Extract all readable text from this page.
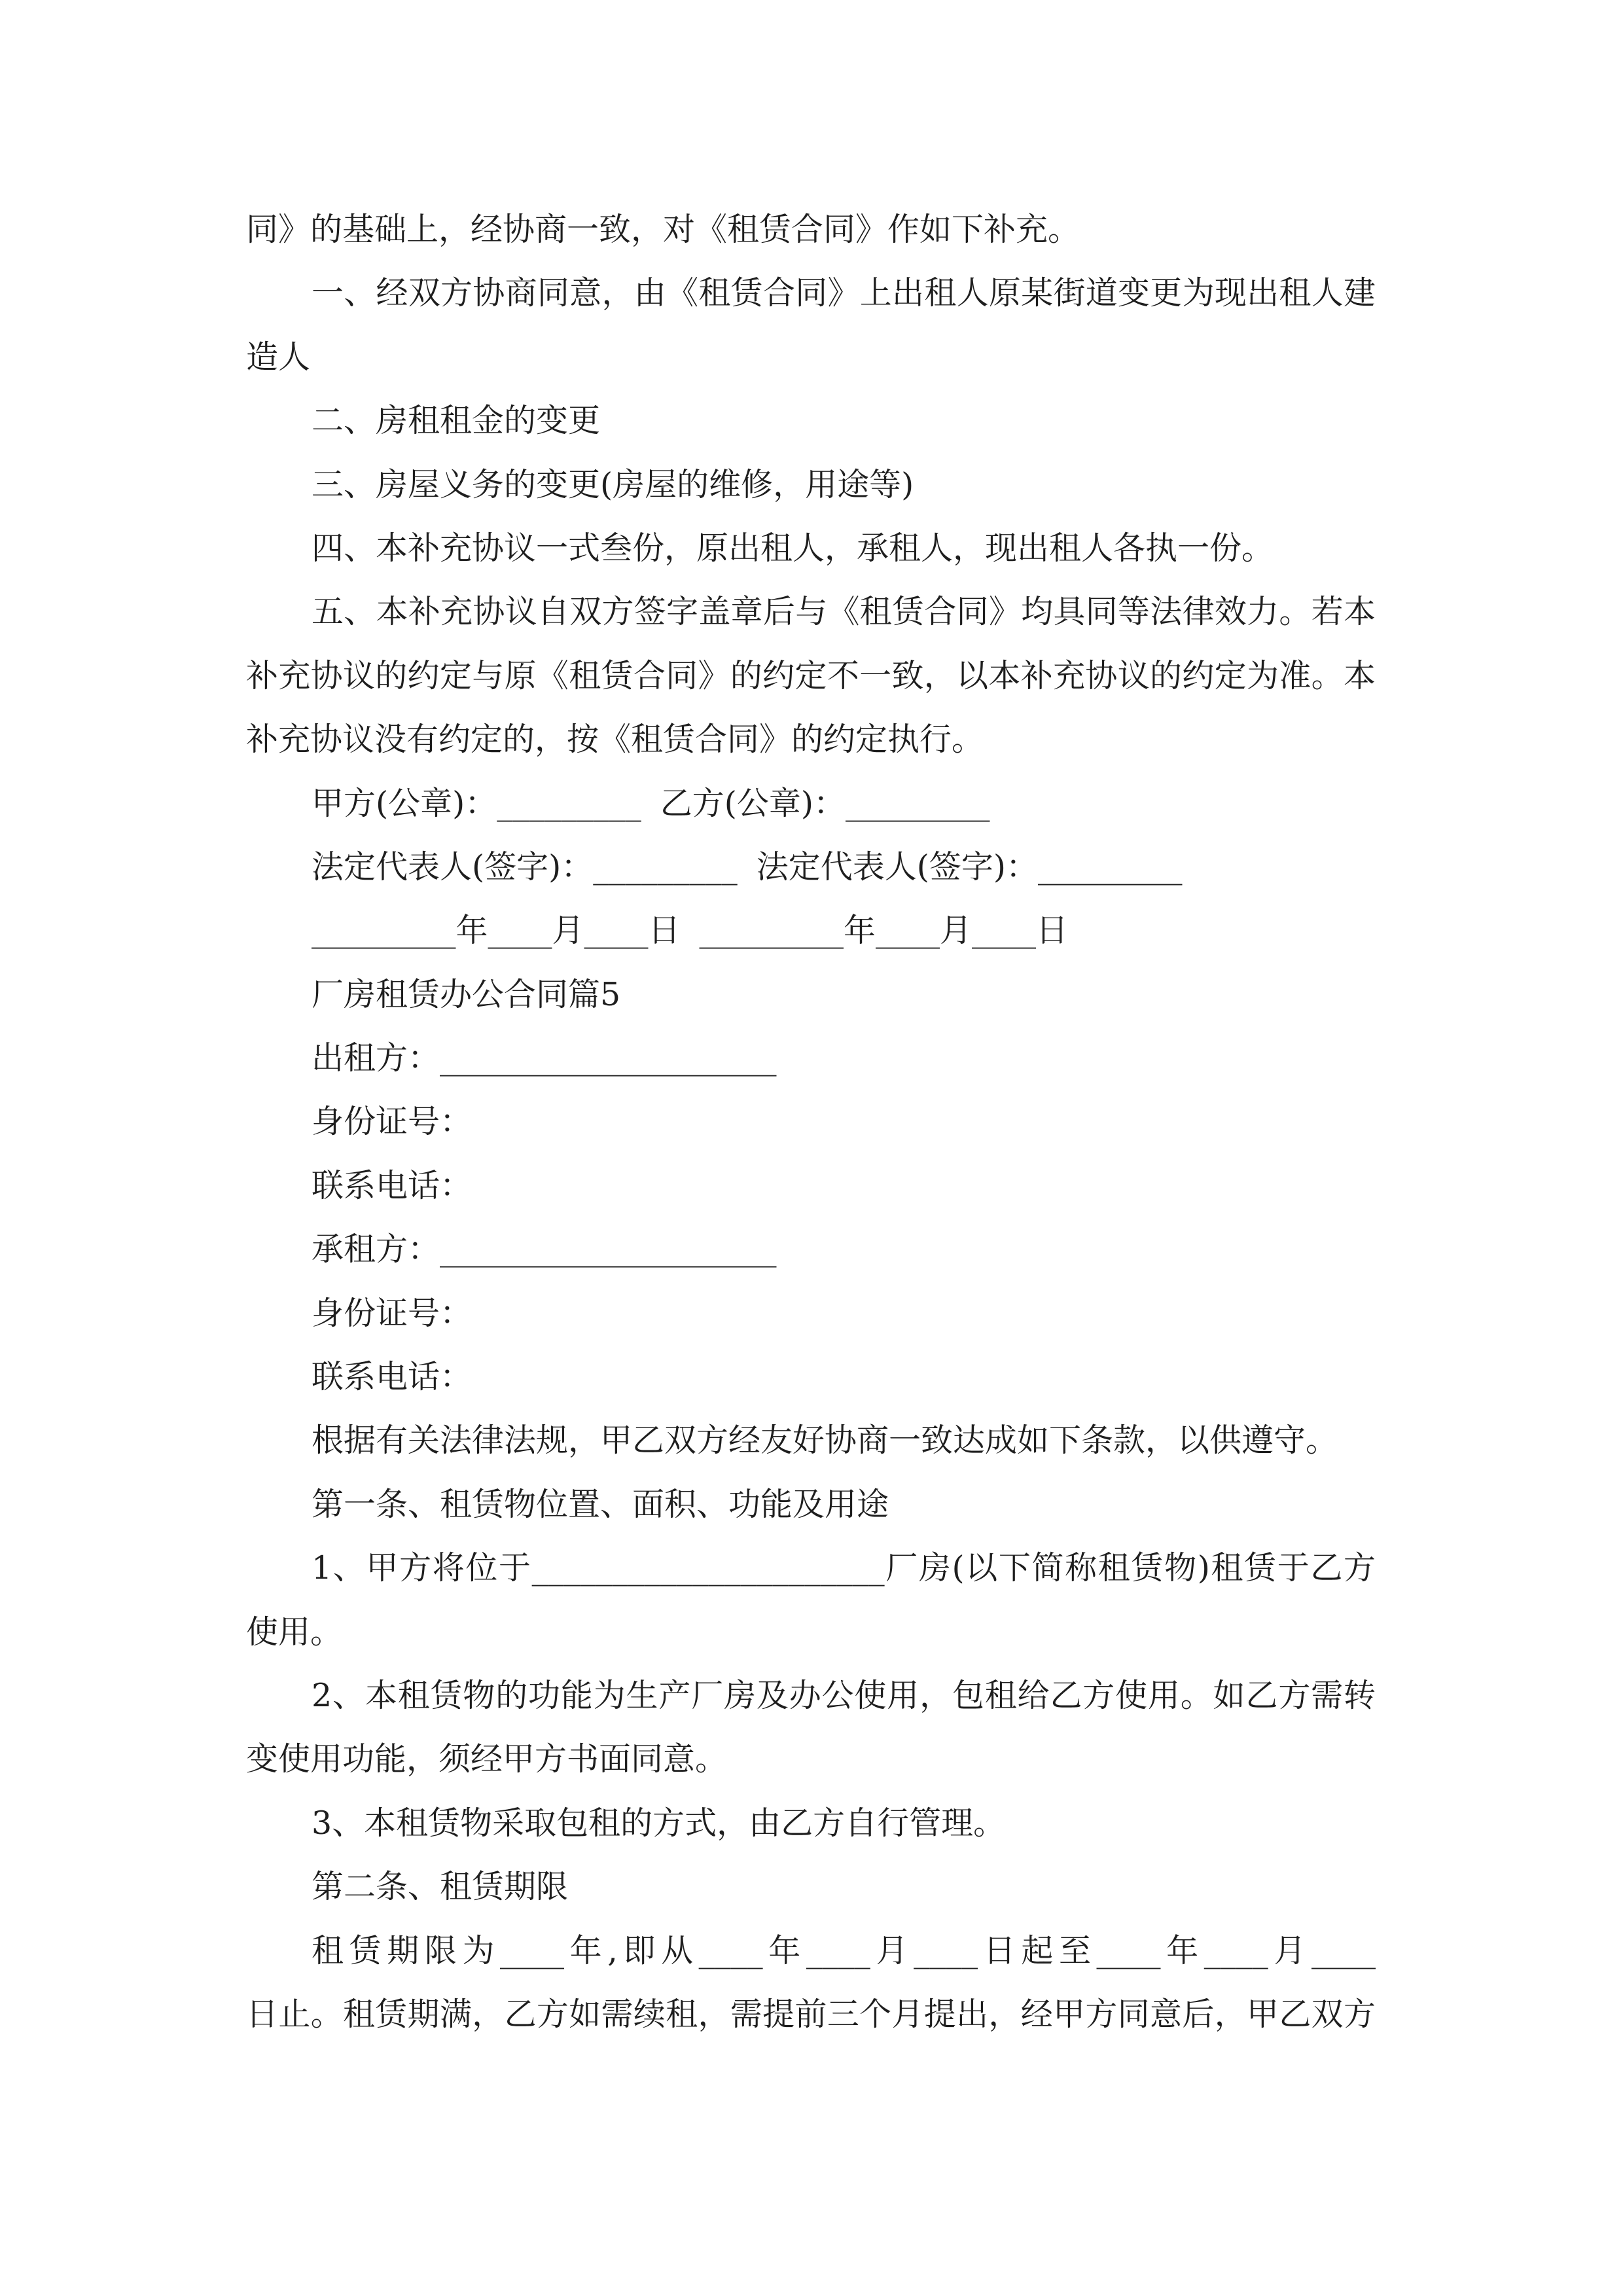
同》的基础上，经协商一致，对《租赁合同》作如下补充。
一、经双方协商同意，由《租赁合同》上出租人原某街道变更为现出租人建
造人
二、房租租金的变更
三、房屋义务的变更(房屋的维修，用途等)
四、本补充协议一式叁份，原出租人，承租人，现出租人各执一份。
五、本补充协议自双方签字盖章后与《租赁合同》均具同等法律效力。若本
补充协议的约定与原《租赁合同》的约定不一致，以本补充协议的约定为准。本
补充协议没有约定的，按《租赁合同》的约定执行。
甲方(公章)：_________ 乙方(公章)：_________
法定代表人(签字)：_________ 法定代表人(签字)：_________
_________年____月____日 _________年____月____日
厂房租赁办公合同篇5
出租方：_____________________
身份证号：
联系电话：
承租方：_____________________
身份证号：
联系电话：
根据有关法律法规，甲乙双方经友好协商一致达成如下条款，以供遵守。
第一条、租赁物位置、面积、功能及用途
1、甲方将位于______________________厂房(以下简称租赁物)租赁于乙方
使用。
2、本租赁物的功能为生产厂房及办公使用，包租给乙方使用。如乙方需转
变使用功能，须经甲方书面同意。
3、本租赁物采取包租的方式，由乙方自行管理。
第二条、租赁期限
租赁期限为____年,即从____年____月____日起至____年____月____
日止。租赁期满，乙方如需续租，需提前三个月提出，经甲方同意后，甲乙双方
